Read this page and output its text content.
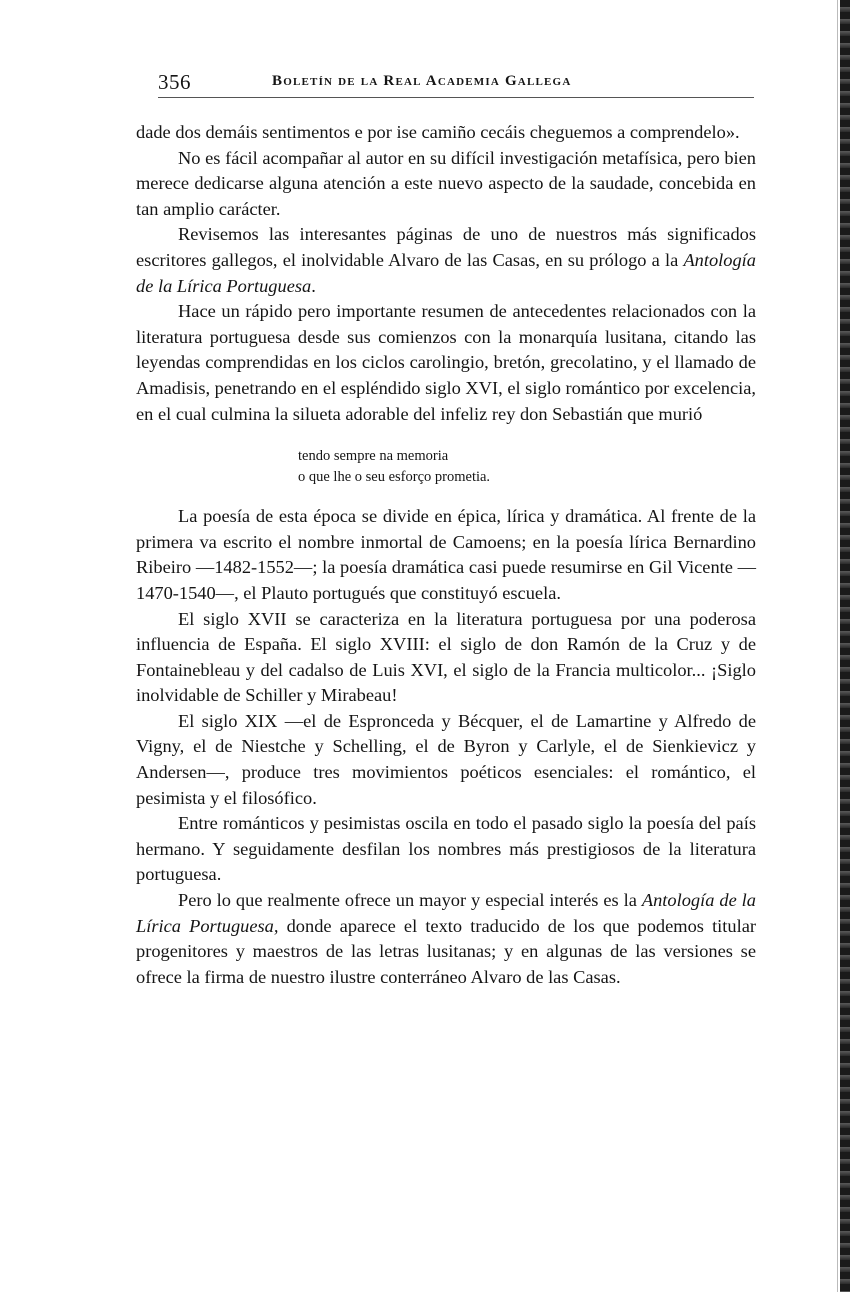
356	Boletín de la Real Academia Gallega

dade dos demáis sentimentos e por ise camiño cecáis cheguemos a comprendelo».

No es fácil acompañar al autor en su difícil investigación metafísica, pero bien merece dedicarse alguna atención a este nuevo aspecto de la saudade, concebida en tan amplio carácter.

Revisemos las interesantes páginas de uno de nuestros más significados escritores gallegos, el inolvidable Alvaro de las Casas, en su prólogo a la Antología de la Lírica Portuguesa.

Hace un rápido pero importante resumen de antecedentes relacionados con la literatura portuguesa desde sus comienzos con la monarquía lusitana, citando las leyendas comprendidas en los ciclos carolingio, bretón, grecolatino, y el llamado de Amadisis, penetrando en el espléndido siglo XVI, el siglo romántico por excelencia, en el cual culmina la silueta adorable del infeliz rey don Sebastián que murió

tendo sempre na memoria
o que lhe o seu esforço prometia.

La poesía de esta época se divide en épica, lírica y dramática. Al frente de la primera va escrito el nombre inmortal de Camoens; en la poesía lírica Bernardino Ribeiro —1482-1552—; la poesía dramática casi puede resumirse en Gil Vicente —1470-1540—, el Plauto portugués que constituyó escuela.

El siglo XVII se caracteriza en la literatura portuguesa por una poderosa influencia de España. El siglo XVIII: el siglo de don Ramón de la Cruz y de Fontainebleau y del cadalso de Luis XVI, el siglo de la Francia multicolor... ¡Siglo inolvidable de Schiller y Mirabeau!

El siglo XIX —el de Espronceda y Bécquer, el de Lamartine y Alfredo de Vigny, el de Niestche y Schelling, el de Byron y Carlyle, el de Sienkievicz y Andersen—, produce tres movimientos poéticos esenciales: el romántico, el pesimista y el filosófico.

Entre románticos y pesimistas oscila en todo el pasado siglo la poesía del país hermano. Y seguidamente desfilan los nombres más prestigiosos de la literatura portuguesa.

Pero lo que realmente ofrece un mayor y especial interés es la Antología de la Lírica Portuguesa, donde aparece el texto traducido de los que podemos titular progenitores y maestros de las letras lusitanas; y en algunas de las versiones se ofrece la firma de nuestro ilustre conterráneo Alvaro de las Casas.
